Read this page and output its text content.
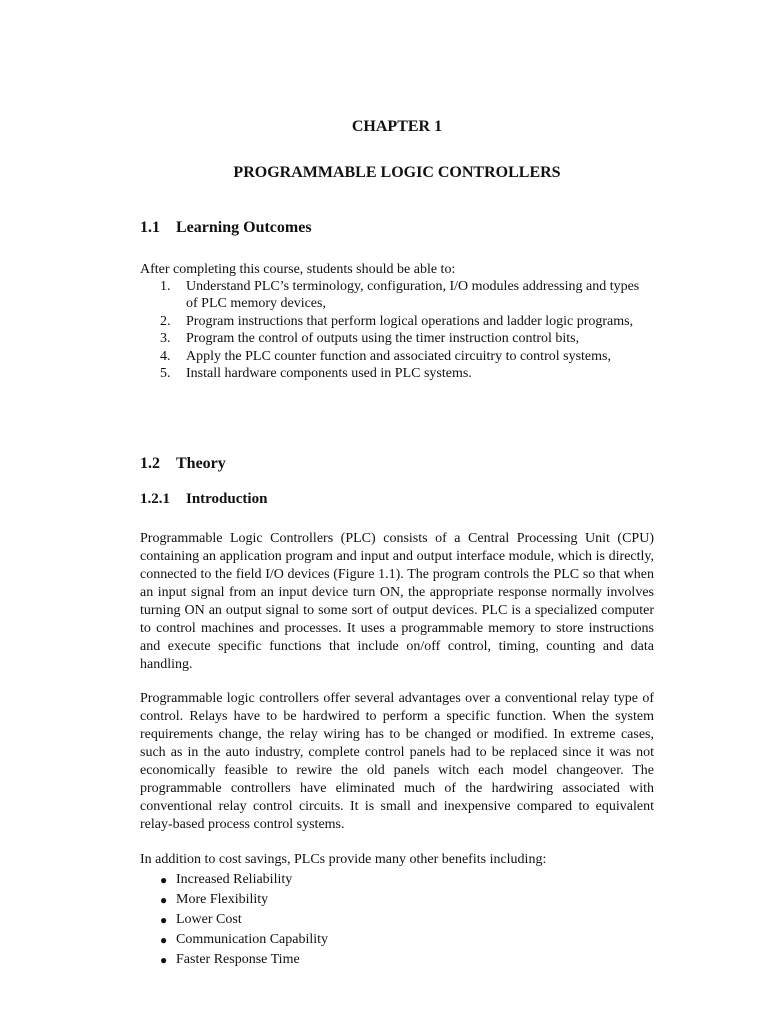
CHAPTER 1

PROGRAMMABLE LOGIC CONTROLLERS

1.1 Learning Outcomes

After completing this course, students should be able to:

1. Understand PLC’s terminology, configuration, I/O modules addressing and types of PLC memory devices,
2. Program instructions that perform logical operations and ladder logic programs,
3. Program the control of outputs using the timer instruction control bits,
4. Apply the PLC counter function and associated circuitry to control systems,
5. Install hardware components used in PLC systems.

1.2 Theory

1.2.1 Introduction

Programmable Logic Controllers (PLC) consists of a Central Processing Unit (CPU) containing an application program and input and output interface module, which is directly, connected to the field I/O devices (Figure 1.1). The program controls the PLC so that when an input signal from an input device turn ON, the appropriate response normally involves turning ON an output signal to some sort of output devices. PLC is a specialized computer to control machines and processes. It uses a programmable memory to store instructions and execute specific functions that include on/off control, timing, counting and data handling.

Programmable logic controllers offer several advantages over a conventional relay type of control. Relays have to be hardwired to perform a specific function. When the system requirements change, the relay wiring has to be changed or modified. In extreme cases, such as in the auto industry, complete control panels had to be replaced since it was not economically feasible to rewire the old panels witch each model changeover. The programmable controllers have eliminated much of the hardwiring associated with conventional relay control circuits. It is small and inexpensive compared to equivalent relay-based process control systems.

In addition to cost savings, PLCs provide many other benefits including:

● Increased Reliability
● More Flexibility
● Lower Cost
● Communication Capability
● Faster Response Time
